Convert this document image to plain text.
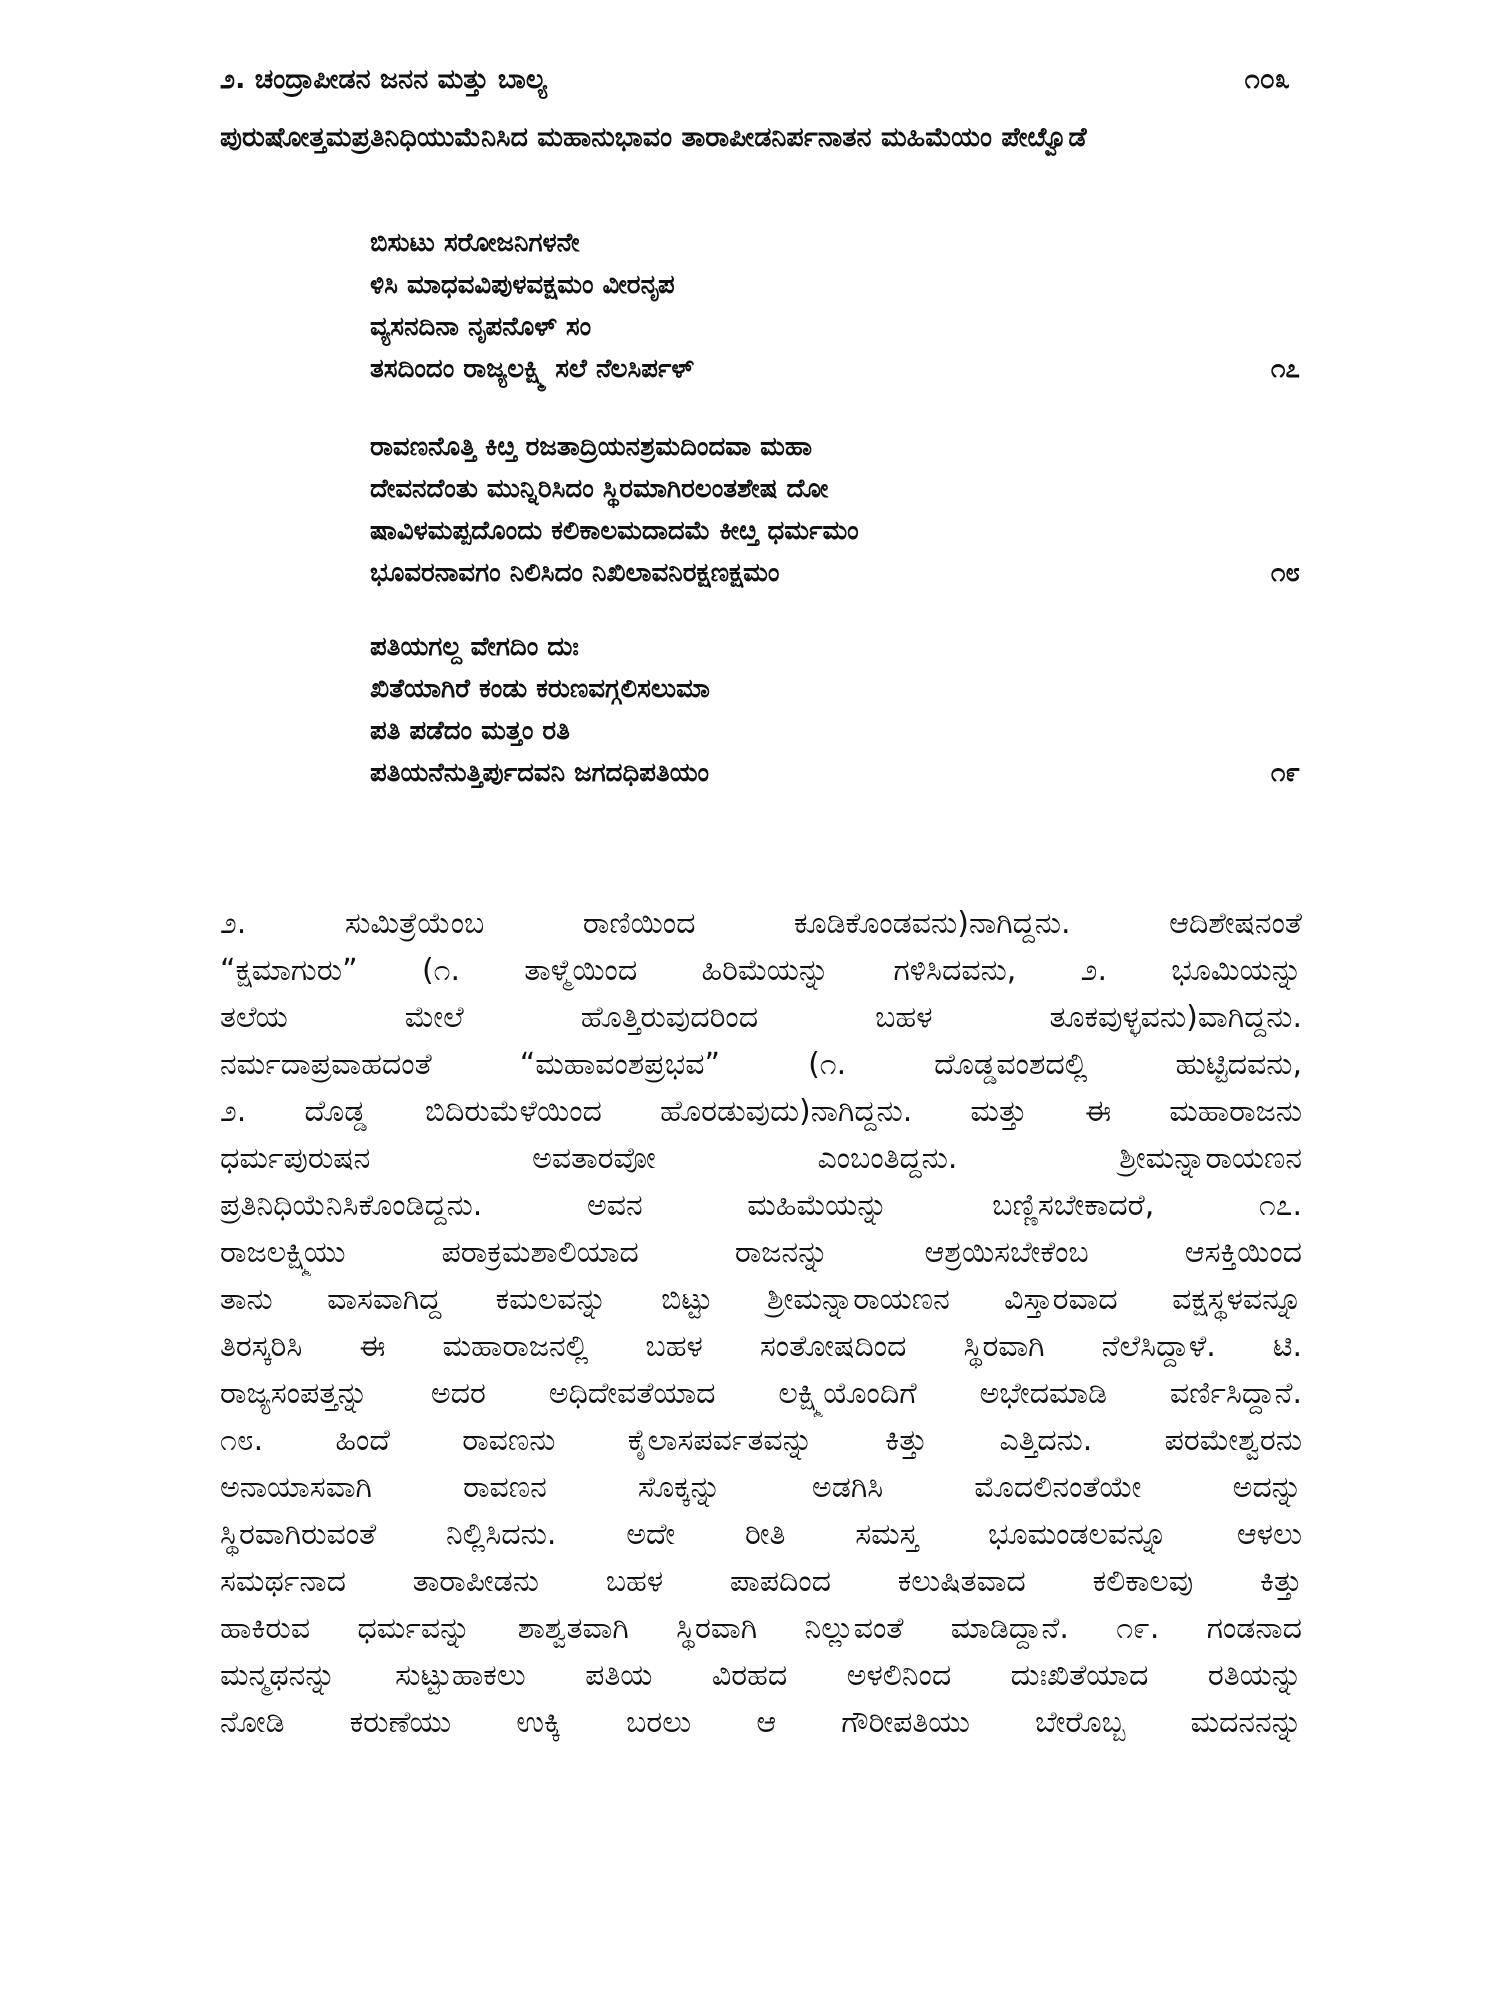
೨. ಚಂದ್ರಾಪೀಡನ ಜನನ ಮತ್ತು ಬಾಲ್ಯ	೧೦೩
ಪುರುಷೋತ್ತಮಪ್ರತಿನಿಧಿಯುಮೆನಿಸಿದ ಮಹಾನುಭಾವಂ ತಾರಾಪೀಡನಿರ್ಪನಾತನ ಮಹಿಮೆಯಂ ಪೇೞ್ವೊಡೆ
ಬಿಸುಟು ಸರೋಜನಿಗಳನೇ
ಳಿಸಿ ಮಾಧವವಿಪುಳವಕ್ಷಮಂ ವೀರನೃಪ
ವ್ಯಸನದಿನಾ ನೃಪನೊಳ್ ಸಂ
ತಸದಿಂದಂ ರಾಜ್ಯಲಕ್ಷ್ಮಿ ಸಲೆ ನೆಲಸಿರ್ಪಳ್	೧೭
ರಾವಣನೊತ್ತಿ ಕಿೞ್ತ ರಜತಾದ್ರಿಯನಶ್ರಮದಿಂದವಾ ಮಹಾ
ದೇವನದೆಂತು ಮುನ್ನಿರಿಸಿದಂ ಸ್ಥಿರಮಾಗಿರಲಂತಶೇಷ ದೋ
ಷಾವಿಳಮಪ್ಪದೊಂದು ಕಲಿಕಾಲಮದಾದಮೆ ಕೀೞ್ತ ಧರ್ಮಮಂ
ಭೂವರನಾವಗಂ ನಿಲಿಸಿದಂ ನಿಖಿಲಾವನಿರಕ್ಷಣಕ್ಷಮಂ	೧೮
ಪತಿಯಗಲ್ದ ವೇಗದಿಂ ದುಃ
ಖಿತೆಯಾಗಿರೆ ಕಂಡು ಕರುಣವಗ್ಗಲಿಸಲುಮಾ
ಪತಿ ಪಡೆದಂ ಮತ್ತಂ ರತಿ
ಪತಿಯನೆನುತ್ತಿರ್ಪುದವನಿ ಜಗದಧಿಪತಿಯಂ	೧೯
೨. ಸುಮಿತ್ರೆಯೆಂಬ ರಾಣಿಯಿಂದ ಕೂಡಿಕೊಂಡವನು)ನಾಗಿದ್ದನು. ಆದಿಶೇಷನಂತೆ
“ಕ್ಷಮಾಗುರು” (೧. ತಾಳ್ಮೆಯಿಂದ ಹಿರಿಮೆಯನ್ನು ಗಳಿಸಿದವನು, ೨. ಭೂಮಿಯನ್ನು
ತಲೆಯ ಮೇಲೆ ಹೊತ್ತಿರುವುದರಿಂದ ಬಹಳ ತೂಕವುಳ್ಳವನು)ವಾಗಿದ್ದನು.
ನರ್ಮದಾಪ್ರವಾಹದಂತೆ “ಮಹಾವಂಶಪ್ರಭವ” (೧. ದೊಡ್ಡವಂಶದಲ್ಲಿ ಹುಟ್ಟಿದವನು,
೨. ದೊಡ್ಡ ಬಿದಿರುಮೆಳೆಯಿಂದ ಹೊರಡುವುದು)ನಾಗಿದ್ದನು. ಮತ್ತು ಈ ಮಹಾರಾಜನು
ಧರ್ಮಪುರುಷನ ಅವತಾರವೋ ಎಂಬಂತಿದ್ದನು. ಶ್ರೀಮನ್ನಾರಾಯಣನ
ಪ್ರತಿನಿಧಿಯೆನಿಸಿಕೊಂಡಿದ್ದನು. ಅವನ ಮಹಿಮೆಯನ್ನು ಬಣ್ಣಿಸಬೇಕಾದರೆ, ೧೭.
ರಾಜಲಕ್ಷ್ಮಿಯು ಪರಾಕ್ರಮಶಾಲಿಯಾದ ರಾಜನನ್ನು ಆಶ್ರಯಿಸಬೇಕೆಂಬ ಆಸಕ್ತಿಯಿಂದ
ತಾನು ವಾಸವಾಗಿದ್ದ ಕಮಲವನ್ನು ಬಿಟ್ಟು ಶ್ರೀಮನ್ನಾರಾಯಣನ ವಿಸ್ತಾರವಾದ ವಕ್ಷಸ್ಥಳವನ್ನೂ
ತಿರಸ್ಕರಿಸಿ ಈ ಮಹಾರಾಜನಲ್ಲಿ ಬಹಳ ಸಂತೋಷದಿಂದ ಸ್ಥಿರವಾಗಿ ನೆಲೆಸಿದ್ದಾಳೆ. ಟಿ.
ರಾಜ್ಯಸಂಪತ್ತನ್ನು ಅದರ ಅಧಿದೇವತೆಯಾದ ಲಕ್ಷ್ಮಿಯೊಂದಿಗೆ ಅಭೇದಮಾಡಿ ವರ್ಣಿಸಿದ್ದಾನೆ.
೧೮. ಹಿಂದೆ ರಾವಣನು ಕೈಲಾಸಪರ್ವತವನ್ನು ಕಿತ್ತು ಎತ್ತಿದನು. ಪರಮೇಶ್ವರನು
ಅನಾಯಾಸವಾಗಿ ರಾವಣನ ಸೊಕ್ಕನ್ನು ಅಡಗಿಸಿ ಮೊದಲಿನಂತೆಯೇ ಅದನ್ನು
ಸ್ಥಿರವಾಗಿರುವಂತೆ ನಿಲ್ಲಿಸಿದನು. ಅದೇ ರೀತಿ ಸಮಸ್ತ ಭೂಮಂಡಲವನ್ನೂ ಆಳಲು
ಸಮರ್ಥನಾದ ತಾರಾಪೀಡನು ಬಹಳ ಪಾಪದಿಂದ ಕಲುಷಿತವಾದ ಕಲಿಕಾಲವು ಕಿತ್ತು
ಹಾಕಿರುವ ಧರ್ಮವನ್ನು ಶಾಶ್ವತವಾಗಿ ಸ್ಥಿರವಾಗಿ ನಿಲ್ಲುವಂತೆ ಮಾಡಿದ್ದಾನೆ. ೧೯. ಗಂಡನಾದ
ಮನ್ಮಥನನ್ನು ಸುಟ್ಟುಹಾಕಲು ಪತಿಯ ವಿರಹದ ಅಳಲಿನಿಂದ ದುಃಖಿತೆಯಾದ ರತಿಯನ್ನು
ನೋಡಿ ಕರುಣೆಯು ಉಕ್ಕಿ ಬರಲು ಆ ಗೌರೀಪತಿಯು ಬೇರೊಬ್ಬ ಮದನನನ್ನು
